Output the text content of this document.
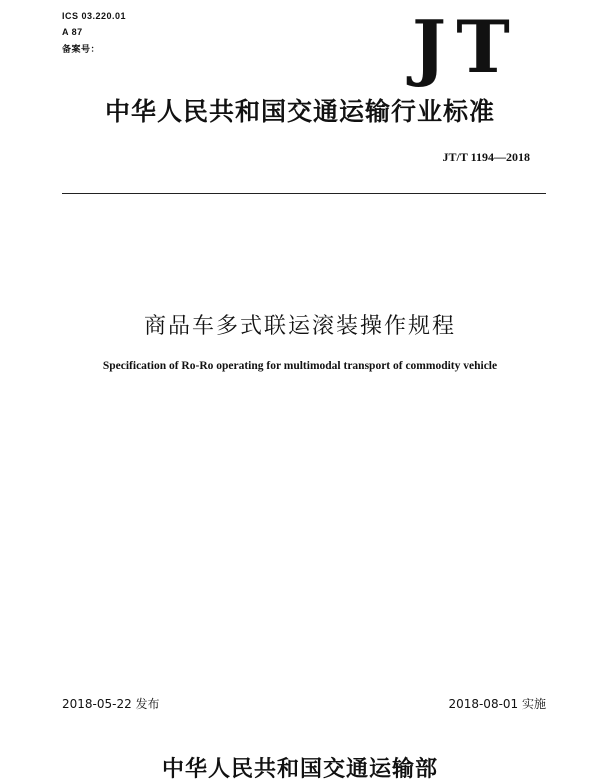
ICS 03.220.01
A 87
备案号：	J T
中华人民共和国交通运输行业标准
JT/T 1194—2018
商品车多式联运滚装操作规程
Specification of Ro-Ro operating for multimodal transport of commodity vehicle
2018-05-22 发布	2018-08-01 实施
中华人民共和国交通运输部
